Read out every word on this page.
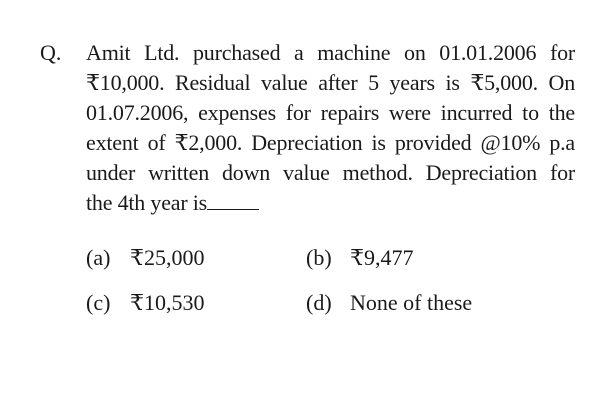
Q. Amit Ltd. purchased a machine on 01.01.2006 for
₹10,000. Residual value after 5 years is ₹5,000. On
01.07.2006, expenses for repairs were incurred to the
extent of ₹2,000. Depreciation is provided @10% p.a
under written down value method. Depreciation for
the 4th year is
(a) ₹25,000	(b) ₹9,477
(c) ₹10,530	(d) None of these
